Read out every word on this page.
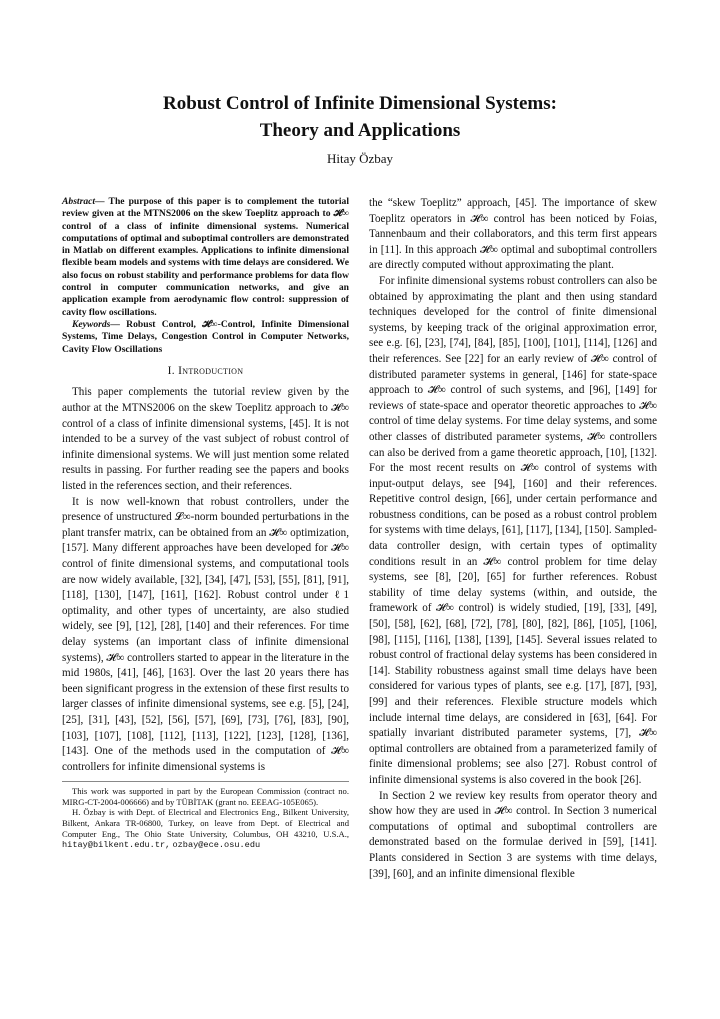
Robust Control of Infinite Dimensional Systems:
Theory and Applications
Hitay Özbay

Abstract— The purpose of this paper is to complement the tutorial review given at the MTNS2006 on the skew Toeplitz approach to 𝓗∞ control of a class of infinite dimensional systems. Numerical computations of optimal and suboptimal controllers are demonstrated in Matlab on different examples. Applications to infinite dimensional flexible beam models and systems with time delays are considered. We also focus on robust stability and performance problems for data flow control in computer communication networks, and give an application example from aerodynamic flow control: suppression of cavity flow oscillations.

Keywords— Robust Control, 𝓗∞-Control, Infinite Dimensional Systems, Time Delays, Congestion Control in Computer Networks, Cavity Flow Oscillations

I. Introduction

This paper complements the tutorial review given by the author at the MTNS2006 on the skew Toeplitz approach to 𝓗∞ control of a class of infinite dimensional systems, [45]. It is not intended to be a survey of the vast subject of robust control of infinite dimensional systems. We will just mention some related results in passing. For further reading see the papers and books listed in the references section, and their references.

It is now well-known that robust controllers, under the presence of unstructured 𝓛∞-norm bounded perturbations in the plant transfer matrix, can be obtained from an 𝓗∞ optimization, [157]. Many different approaches have been developed for 𝓗∞ control of finite dimensional systems, and computational tools are now widely available, [32], [34], [47], [53], [55], [81], [91], [118], [130], [147], [161], [162]. Robust control under ℓ1 optimality, and other types of uncertainty, are also studied widely, see [9], [12], [28], [140] and their references. For time delay systems (an important class of infinite dimensional systems), 𝓗∞ controllers started to appear in the literature in the mid 1980s, [41], [46], [163]. Over the last 20 years there has been significant progress in the extension of these first results to larger classes of infinite dimensional systems, see e.g. [5], [24], [25], [31], [43], [52], [56], [57], [69], [73], [76], [83], [90], [103], [107], [108], [112], [113], [122], [123], [128], [136], [143]. One of the methods used in the computation of 𝓗∞ controllers for infinite dimensional systems is

This work was supported in part by the European Commission (contract no. MIRG-CT-2004-006666) and by TÜBİTAK (grant no. EEEAG-105E065).

H. Özbay is with Dept. of Electrical and Electronics Eng., Bilkent University, Bilkent, Ankara TR-06800, Turkey, on leave from Dept. of Electrical and Computer Eng., The Ohio State University, Columbus, OH 43210, U.S.A., hitay@bilkent.edu.tr, ozbay@ece.osu.edu

the “skew Toeplitz” approach, [45]. The importance of skew Toeplitz operators in 𝓗∞ control has been noticed by Foias, Tannenbaum and their collaborators, and this term first appears in [11]. In this approach 𝓗∞ optimal and suboptimal controllers are directly computed without approximating the plant.

For infinite dimensional systems robust controllers can also be obtained by approximating the plant and then using standard techniques developed for the control of finite dimensional systems, by keeping track of the original approximation error, see e.g. [6], [23], [74], [84], [85], [100], [101], [114], [126] and their references. See [22] for an early review of 𝓗∞ control of distributed parameter systems in general, [146] for state-space approach to 𝓗∞ control of such systems, and [96], [149] for reviews of state-space and operator theoretic approaches to 𝓗∞ control of time delay systems. For time delay systems, and some other classes of distributed parameter systems, 𝓗∞ controllers can also be derived from a game theoretic approach, [10], [132]. For the most recent results on 𝓗∞ control of systems with input-output delays, see [94], [160] and their references. Repetitive control design, [66], under certain performance and robustness conditions, can be posed as a robust control problem for systems with time delays, [61], [117], [134], [150]. Sampled-data controller design, with certain types of optimality conditions result in an 𝓗∞ control problem for time delay systems, see [8], [20], [65] for further references. Robust stability of time delay systems (within, and outside, the framework of 𝓗∞ control) is widely studied, [19], [33], [49], [50], [58], [62], [68], [72], [78], [80], [82], [86], [105], [106], [98], [115], [116], [138], [139], [145]. Several issues related to robust control of fractional delay systems has been considered in [14]. Stability robustness against small time delays have been considered for various types of plants, see e.g. [17], [87], [93], [99] and their references. Flexible structure models which include internal time delays, are considered in [63], [64]. For spatially invariant distributed parameter systems, [7], 𝓗∞ optimal controllers are obtained from a parameterized family of finite dimensional problems; see also [27]. Robust control of infinite dimensional systems is also covered in the book [26].

In Section 2 we review key results from operator theory and show how they are used in 𝓗∞ control. In Section 3 numerical computations of optimal and suboptimal controllers are demonstrated based on the formulae derived in [59], [141]. Plants considered in Section 3 are systems with time delays, [39], [60], and an infinite dimensional flexible
